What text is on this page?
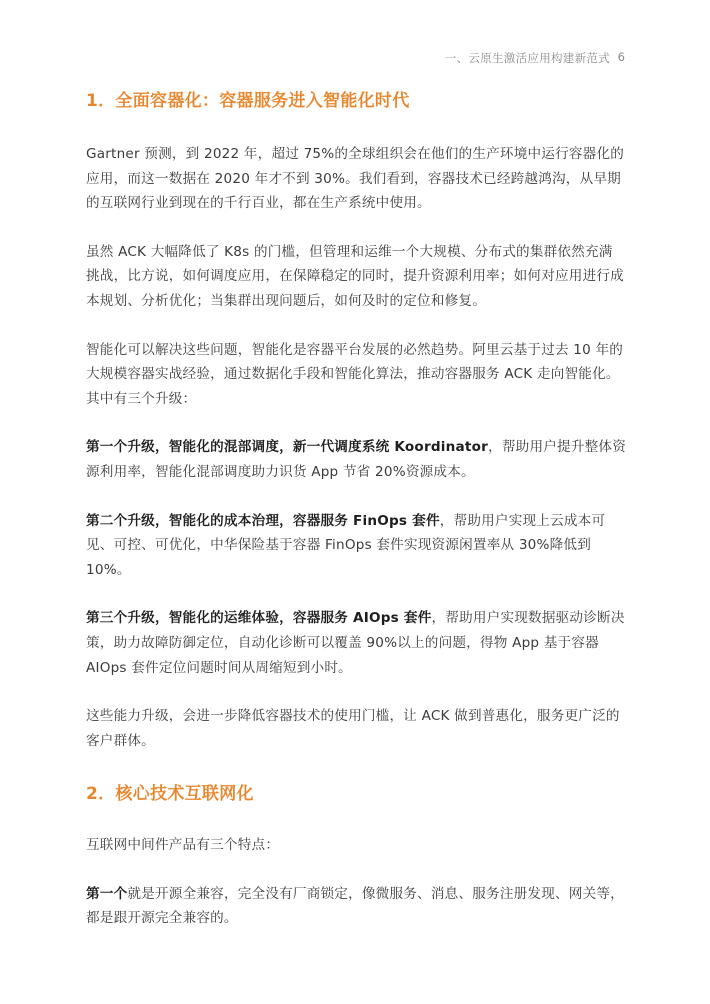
一、云原生激活应用构建新范式 6
1．全面容器化：容器服务进入智能化时代

Gartner 预测，到 2022 年，超过 75%的全球组织会在他们的生产环境中运行容器化的应用，而这一数据在 2020 年才不到 30%。我们看到，容器技术已经跨越鸿沟，从早期的互联网行业到现在的千行百业，都在生产系统中使用。

虽然 ACK 大幅降低了 K8s 的门槛，但管理和运维一个大规模、分布式的集群依然充满挑战，比方说，如何调度应用，在保障稳定的同时，提升资源利用率；如何对应用进行成本规划、分析优化；当集群出现问题后，如何及时的定位和修复。

智能化可以解决这些问题，智能化是容器平台发展的必然趋势。阿里云基于过去 10 年的大规模容器实战经验，通过数据化手段和智能化算法，推动容器服务 ACK 走向智能化。其中有三个升级：

第一个升级，智能化的混部调度，新一代调度系统 Koordinator，帮助用户提升整体资源利用率，智能化混部调度助力识货 App 节省 20%资源成本。

第二个升级，智能化的成本治理，容器服务 FinOps 套件，帮助用户实现上云成本可见、可控、可优化，中华保险基于容器 FinOps 套件实现资源闲置率从 30%降低到 10%。

第三个升级，智能化的运维体验，容器服务 AIOps 套件，帮助用户实现数据驱动诊断决策，助力故障防御定位，自动化诊断可以覆盖 90%以上的问题，得物 App 基于容器 AIOps 套件定位问题时间从周缩短到小时。

这些能力升级，会进一步降低容器技术的使用门槛，让 ACK 做到普惠化，服务更广泛的客户群体。

2．核心技术互联网化

互联网中间件产品有三个特点：

第一个就是开源全兼容，完全没有厂商锁定，像微服务、消息、服务注册发现、网关等，都是跟开源完全兼容的。
